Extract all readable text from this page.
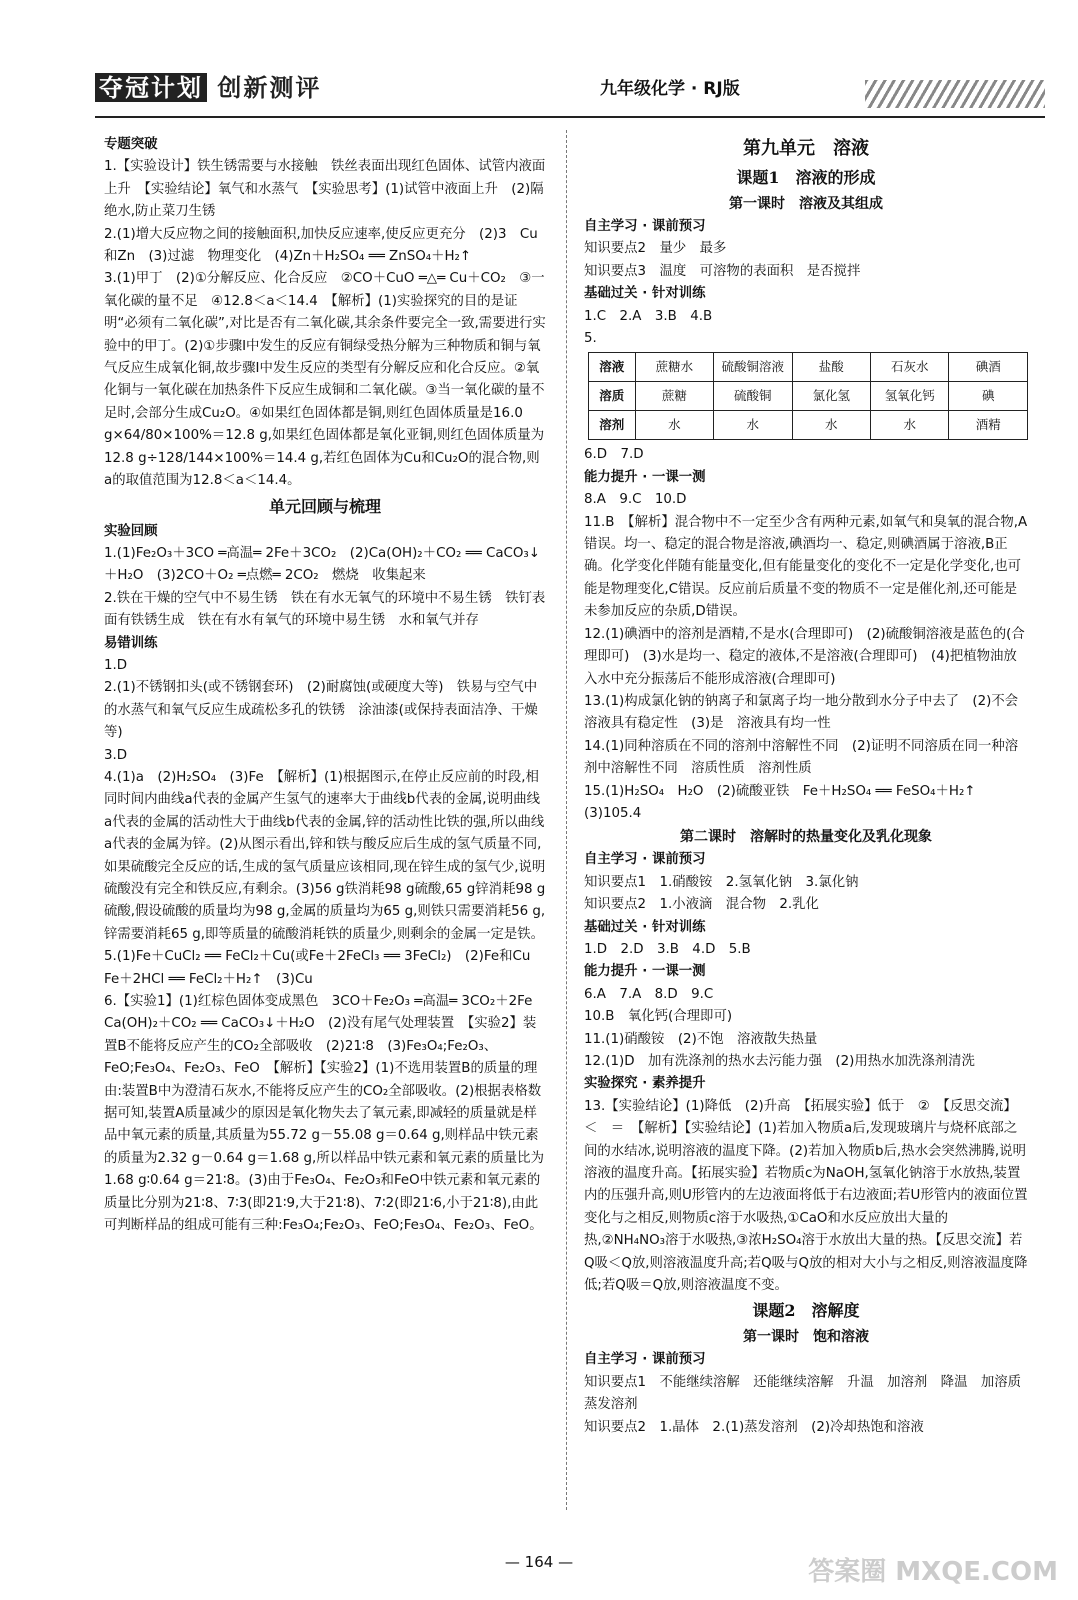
夺冠计划 创新测评	九年级化学 · RJ版

专题突破

1.【实验设计】铁生锈需要与水接触　铁丝表面出现红色固体、试管内液面上升　【实验结论】氧气和水蒸气　【实验思考】(1)试管中液面上升　(2)隔绝水,防止菜刀生锈

2.(1)增大反应物之间的接触面积,加快反应速率,使反应更充分　(2)3　Cu和Zn　(3)过滤　物理变化　(4)Zn＋H₂SO₄ ══ ZnSO₄＋H₂↑

3.(1)甲丁　(2)①分解反应、化合反应　②CO＋CuO ═△═ Cu＋CO₂　③一氧化碳的量不足　④12.8＜a＜14.4　【解析】(1)实验探究的目的是证明“必须有二氧化碳”,对比是否有二氧化碳,其余条件要完全一致,需要进行实验中的甲丁。(2)①步骤Ⅰ中发生的反应有铜绿受热分解为三种物质和铜与氧气反应生成氧化铜,故步骤Ⅰ中发生反应的类型有分解反应和化合反应。②氧化铜与一氧化碳在加热条件下反应生成铜和二氧化碳。③当一氧化碳的量不足时,会部分生成Cu₂O。④如果红色固体都是铜,则红色固体质量是16.0 g×64/80×100%＝12.8 g,如果红色固体都是氧化亚铜,则红色固体质量为12.8 g÷128/144×100%＝14.4 g,若红色固体为Cu和Cu₂O的混合物,则a的取值范围为12.8＜a＜14.4。

单元回顾与梳理

实验回顾

1.(1)Fe₂O₃＋3CO ═高温═ 2Fe＋3CO₂　(2)Ca(OH)₂＋CO₂ ══ CaCO₃↓＋H₂O　(3)2CO＋O₂ ═点燃═ 2CO₂　燃烧　收集起来

2.铁在干燥的空气中不易生锈　铁在有水无氧气的环境中不易生锈　铁钉表面有铁锈生成　铁在有水有氧气的环境中易生锈　水和氧气并存

易错训练

1.D

2.(1)不锈钢扣头(或不锈钢套环)　(2)耐腐蚀(或硬度大等)　铁易与空气中的水蒸气和氧气反应生成疏松多孔的铁锈　涂油漆(或保持表面洁净、干燥等)

3.D

4.(1)a　(2)H₂SO₄　(3)Fe　【解析】(1)根据图示,在停止反应前的时段,相同时间内曲线a代表的金属产生氢气的速率大于曲线b代表的金属,说明曲线a代表的金属的活动性大于曲线b代表的金属,锌的活动性比铁的强,所以曲线a代表的金属为锌。(2)从图示看出,锌和铁与酸反应后生成的氢气质量不同,如果硫酸完全反应的话,生成的氢气质量应该相同,现在锌生成的氢气少,说明硫酸没有完全和铁反应,有剩余。(3)56 g铁消耗98 g硫酸,65 g锌消耗98 g硫酸,假设硫酸的质量均为98 g,金属的质量均为65 g,则铁只需要消耗56 g,锌需要消耗65 g,即等质量的硫酸消耗铁的质量少,则剩余的金属一定是铁。

5.(1)Fe＋CuCl₂ ══ FeCl₂＋Cu(或Fe＋2FeCl₃ ══ 3FeCl₂)　(2)Fe和Cu　Fe＋2HCl ══ FeCl₂＋H₂↑　(3)Cu

6.【实验1】(1)红棕色固体变成黑色　3CO＋Fe₂O₃ ═高温═ 3CO₂＋2Fe　Ca(OH)₂＋CO₂ ══ CaCO₃↓＋H₂O　(2)没有尾气处理装置　【实验2】装置B不能将反应产生的CO₂全部吸收　(2)21∶8　(3)Fe₃O₄;Fe₂O₃、FeO;Fe₃O₄、Fe₂O₃、FeO　【解析】【实验2】(1)不选用装置B的质量的理由:装置B中为澄清石灰水,不能将反应产生的CO₂全部吸收。(2)根据表格数据可知,装置A质量减少的原因是氧化物失去了氧元素,即减轻的质量就是样品中氧元素的质量,其质量为55.72 g－55.08 g＝0.64 g,则样品中铁元素的质量为2.32 g－0.64 g＝1.68 g,所以样品中铁元素和氧元素的质量比为1.68 g∶0.64 g＝21∶8。(3)由于Fe₃O₄、Fe₂O₃和FeO中铁元素和氧元素的质量比分别为21∶8、7∶3(即21∶9,大于21∶8)、7∶2(即21∶6,小于21∶8),由此可判断样品的组成可能有三种:Fe₃O₄;Fe₂O₃、FeO;Fe₃O₄、Fe₂O₃、FeO。

第九单元　溶液

课题1　溶液的形成

第一课时　溶液及其组成

自主学习 · 课前预习

知识要点2　量少　最多

知识要点3　温度　可溶物的表面积　是否搅拌

基础过关 · 针对训练

1.C　2.A　3.B　4.B

5.

溶液	蔗糖水	硫酸铜溶液	盐酸	石灰水	碘酒
溶质	蔗糖	硫酸铜	氯化氢	氢氧化钙	碘
溶剂	水	水	水	水	酒精

6.D　7.D

能力提升 · 一课一测

8.A　9.C　10.D

11.B　【解析】混合物中不一定至少含有两种元素,如氧气和臭氧的混合物,A错误。均一、稳定的混合物是溶液,碘酒均一、稳定,则碘酒属于溶液,B正确。化学变化伴随有能量变化,但有能量变化的变化不一定是化学变化,也可能是物理变化,C错误。反应前后质量不变的物质不一定是催化剂,还可能是未参加反应的杂质,D错误。

12.(1)碘酒中的溶剂是酒精,不是水(合理即可)　(2)硫酸铜溶液是蓝色的(合理即可)　(3)水是均一、稳定的液体,不是溶液(合理即可)　(4)把植物油放入水中充分振荡后不能形成溶液(合理即可)

13.(1)构成氯化钠的钠离子和氯离子均一地分散到水分子中去了　(2)不会　溶液具有稳定性　(3)是　溶液具有均一性

14.(1)同种溶质在不同的溶剂中溶解性不同　(2)证明不同溶质在同一种溶剂中溶解性不同　溶质性质　溶剂性质

15.(1)H₂SO₄　H₂O　(2)硫酸亚铁　Fe＋H₂SO₄ ══ FeSO₄＋H₂↑　(3)105.4

第二课时　溶解时的热量变化及乳化现象

自主学习 · 课前预习

知识要点1　1.硝酸铵　2.氢氧化钠　3.氯化钠

知识要点2　1.小液滴　混合物　2.乳化

基础过关 · 针对训练

1.D　2.D　3.B　4.D　5.B

能力提升 · 一课一测

6.A　7.A　8.D　9.C

10.B　氧化钙(合理即可)

11.(1)硝酸铵　(2)不饱　溶液散失热量

12.(1)D　加有洗涤剂的热水去污能力强　(2)用热水加洗涤剂清洗

实验探究 · 素养提升

13.【实验结论】(1)降低　(2)升高　【拓展实验】低于　②　【反思交流】＜　＝　【解析】【实验结论】(1)若加入物质a后,发现玻璃片与烧杯底部之间的水结冰,说明溶液的温度下降。(2)若加入物质b后,热水会突然沸腾,说明溶液的温度升高。【拓展实验】若物质c为NaOH,氢氧化钠溶于水放热,装置内的压强升高,则U形管内的左边液面将低于右边液面;若U形管内的液面位置变化与之相反,则物质c溶于水吸热,①CaO和水反应放出大量的热,②NH₄NO₃溶于水吸热,③浓H₂SO₄溶于水放出大量的热。【反思交流】若Q吸＜Q放,则溶液温度升高;若Q吸与Q放的相对大小与之相反,则溶液温度降低;若Q吸＝Q放,则溶液温度不变。

课题2　溶解度

第一课时　饱和溶液

自主学习 · 课前预习

知识要点1　不能继续溶解　还能继续溶解　升温　加溶剂　降温　加溶质　蒸发溶剂

知识要点2　1.晶体　2.(1)蒸发溶剂　(2)冷却热饱和溶液

— 164 —	答案圈 MXQE.COM
